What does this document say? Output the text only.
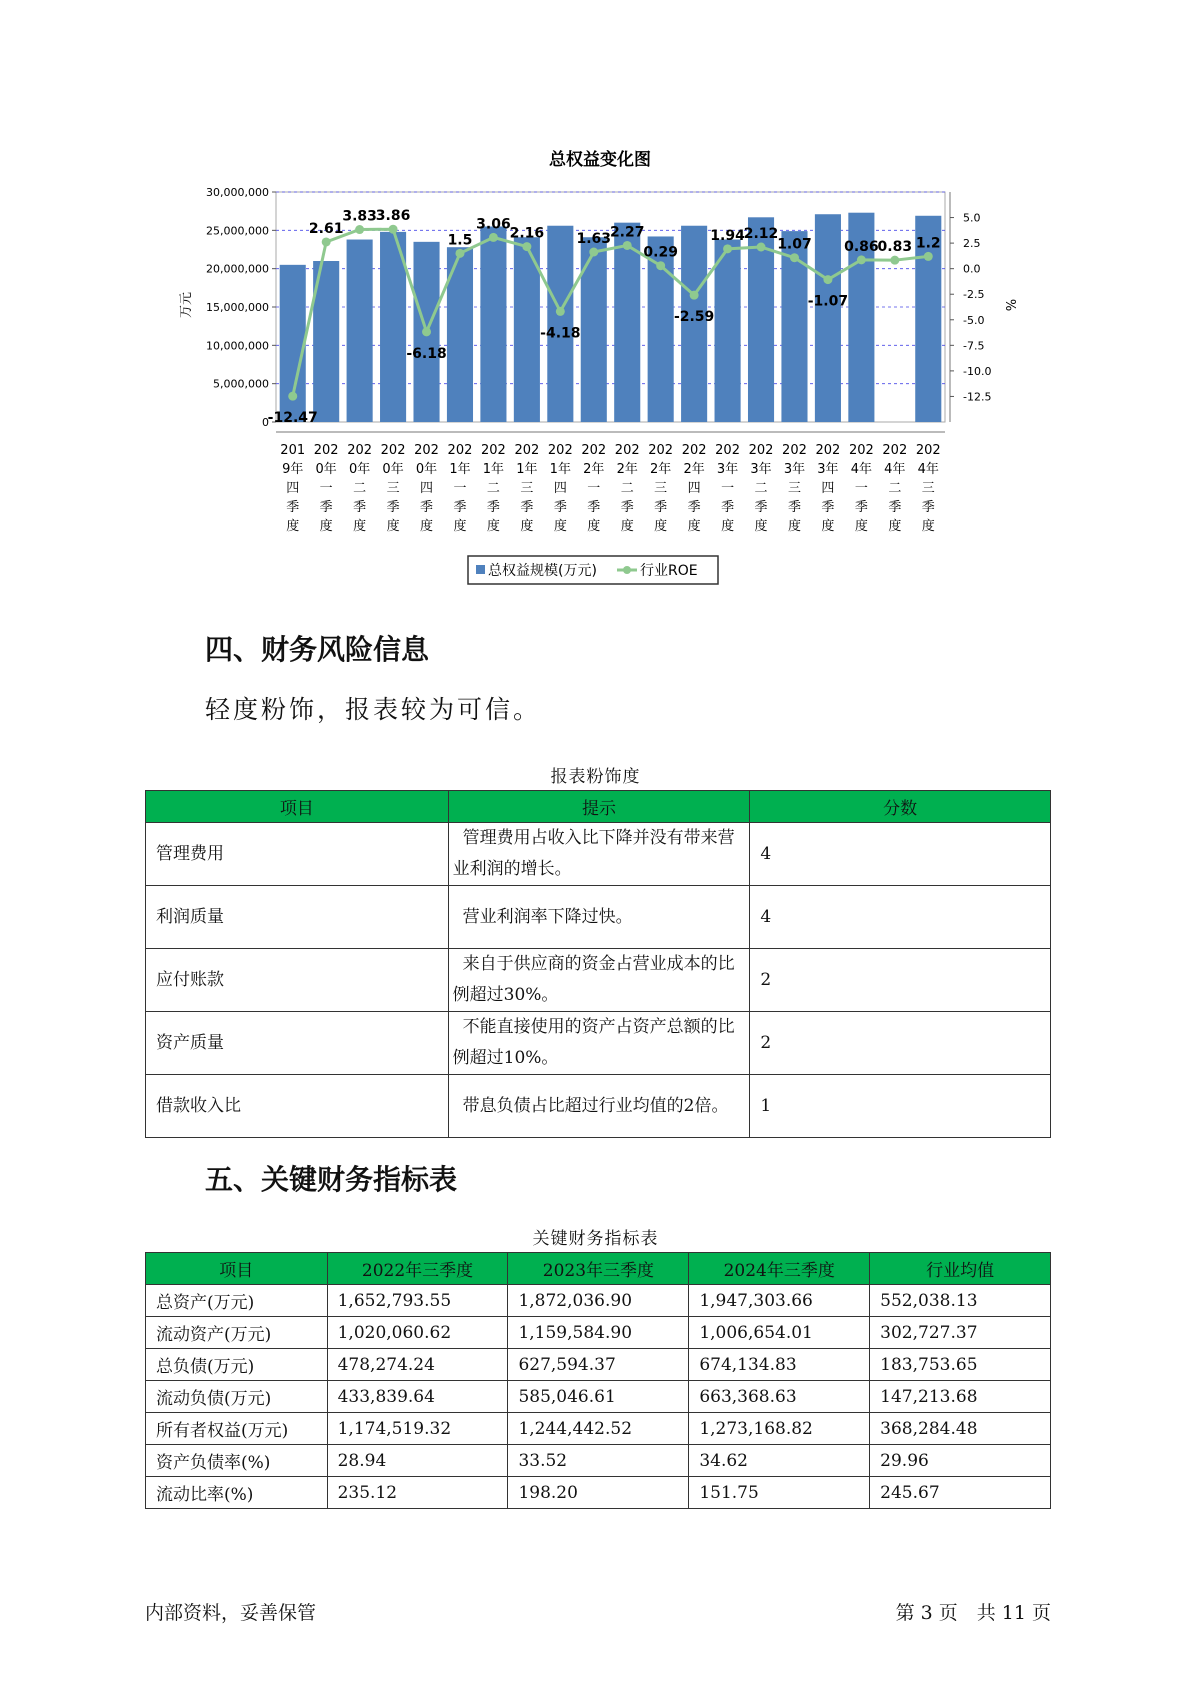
总权益变化图
0
5,000,000
10,000,000
15,000,000
20,000,000
25,000,000
30,000,000
5.0
2.5
0.0
-2.5
-5.0
-7.5
-10.0
-12.5
201 9年四季度
202 0年一季度
202 0年二季度
202 0年三季度
202 0年四季度
202 1年一季度
202 1年二季度
202 1年三季度
202 1年四季度
202 2年一季度
202 2年二季度
202 2年三季度
202 2年四季度
202 3年一季度
202 3年二季度
202 3年三季度
202 3年四季度
202 4年一季度
202 4年二季度
202 4年三季度
-12.47
2.61
3.83
3.86
-6.18
1.5
3.06
2.16
-4.18
1.63
2.27
0.29
-2.59
1.94
2.12
1.07
-1.07
0.86
0.83 1.2
万元	%
总权益规模(万元)	行业ROE
四、财务风险信息
轻度粉饰，报表较为可信。
报表粉饰度
项目	提示	分数
管理费用	管理费用占收入比下降并没有带来营业利润的增长。	4
利润质量	营业利润率下降过快。	4
应付账款	来自于供应商的资金占营业成本的比例超过30%。	2
资产质量	不能直接使用的资产占资产总额的比例超过10%。	2
借款收入比	带息负债占比超过行业均值的2倍。	1
五、关键财务指标表
关键财务指标表
项目	2022年三季度	2023年三季度	2024年三季度	行业均值
总资产(万元)	1,652,793.55	1,872,036.90	1,947,303.66	552,038.13
流动资产(万元)	1,020,060.62	1,159,584.90	1,006,654.01	302,727.37
总负债(万元)	478,274.24	627,594.37	674,134.83	183,753.65
流动负债(万元)	433,839.64	585,046.61	663,368.63	147,213.68
所有者权益(万元)	1,174,519.32	1,244,442.52	1,273,168.82	368,284.48
资产负债率(%)	28.94	33.52	34.62	29.96
流动比率(%)	235.12	198.20	151.75	245.67
内部资料，妥善保管	第 3 页　共 11 页
